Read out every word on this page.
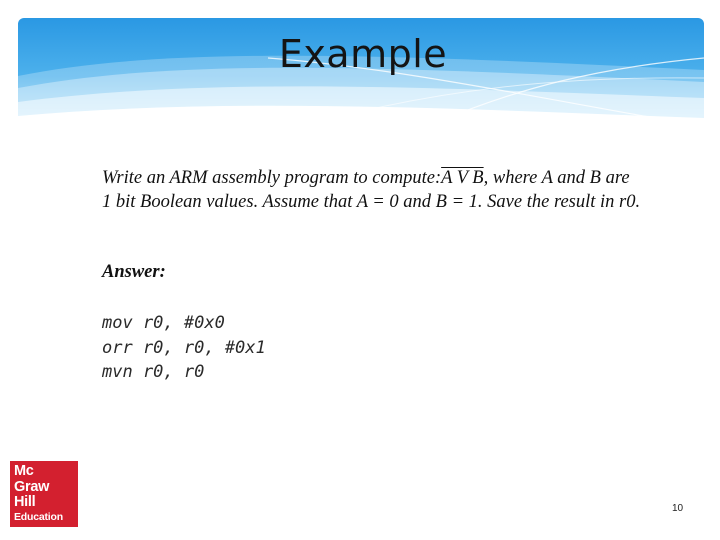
Example

Write an ARM assembly program to compute:A V B, where A and B are 1 bit Boolean values. Assume that A = 0 and B = 1. Save the result in r0.

Answer:

mov r0, #0x0
orr r0, r0, #0x1
mvn r0, r0
Mc
Graw
Hill
Education
10
